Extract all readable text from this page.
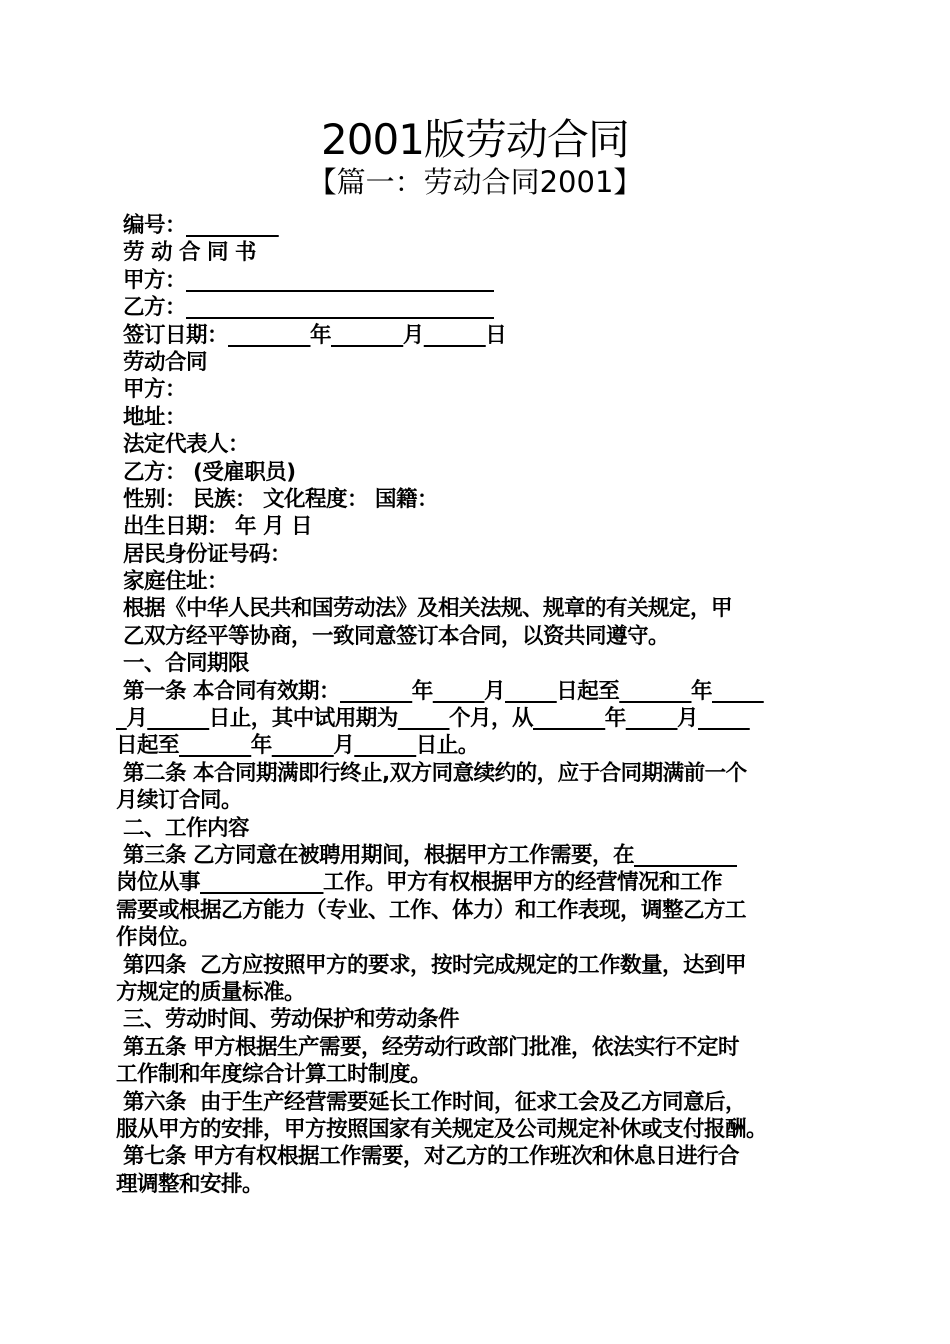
2001版劳动合同
【篇一：劳动合同2001】
编号：_________
劳 动 合 同 书
甲方：______________________________
乙方：______________________________
签订日期：________年_______月______日
劳动合同
甲方：
地址：
法定代表人：
乙方： (受雇职员)
性别： 民族： 文化程度： 国籍：
出生日期： 年 月 日
居民身份证号码：
家庭住址：
根据《中华人民共和国劳动法》及相关法规、规章的有关规定，甲
乙双方经平等协商，一致同意签订本合同，以资共同遵守。
一、合同期限
第一条 本合同有效期：_______年_____月_____日起至_______年_____
_月______日止，其中试用期为_____个月，从_______年_____月_____
日起至_______年______月______日止。
第二条 本合同期满即行终止,双方同意续约的，应于合同期满前一个
月续订合同。
二、工作内容
第三条 乙方同意在被聘用期间，根据甲方工作需要，在__________
岗位从事____________工作。甲方有权根据甲方的经营情况和工作
需要或根据乙方能力（专业、工作、体力）和工作表现，调整乙方工
作岗位。
第四条  乙方应按照甲方的要求，按时完成规定的工作数量，达到甲
方规定的质量标准。
三、劳动时间、劳动保护和劳动条件
第五条 甲方根据生产需要，经劳动行政部门批准，依法实行不定时
工作制和年度综合计算工时制度。
第六条  由于生产经营需要延长工作时间，征求工会及乙方同意后，
服从甲方的安排，甲方按照国家有关规定及公司规定补休或支付报酬。
第七条 甲方有权根据工作需要，对乙方的工作班次和休息日进行合
理调整和安排。
